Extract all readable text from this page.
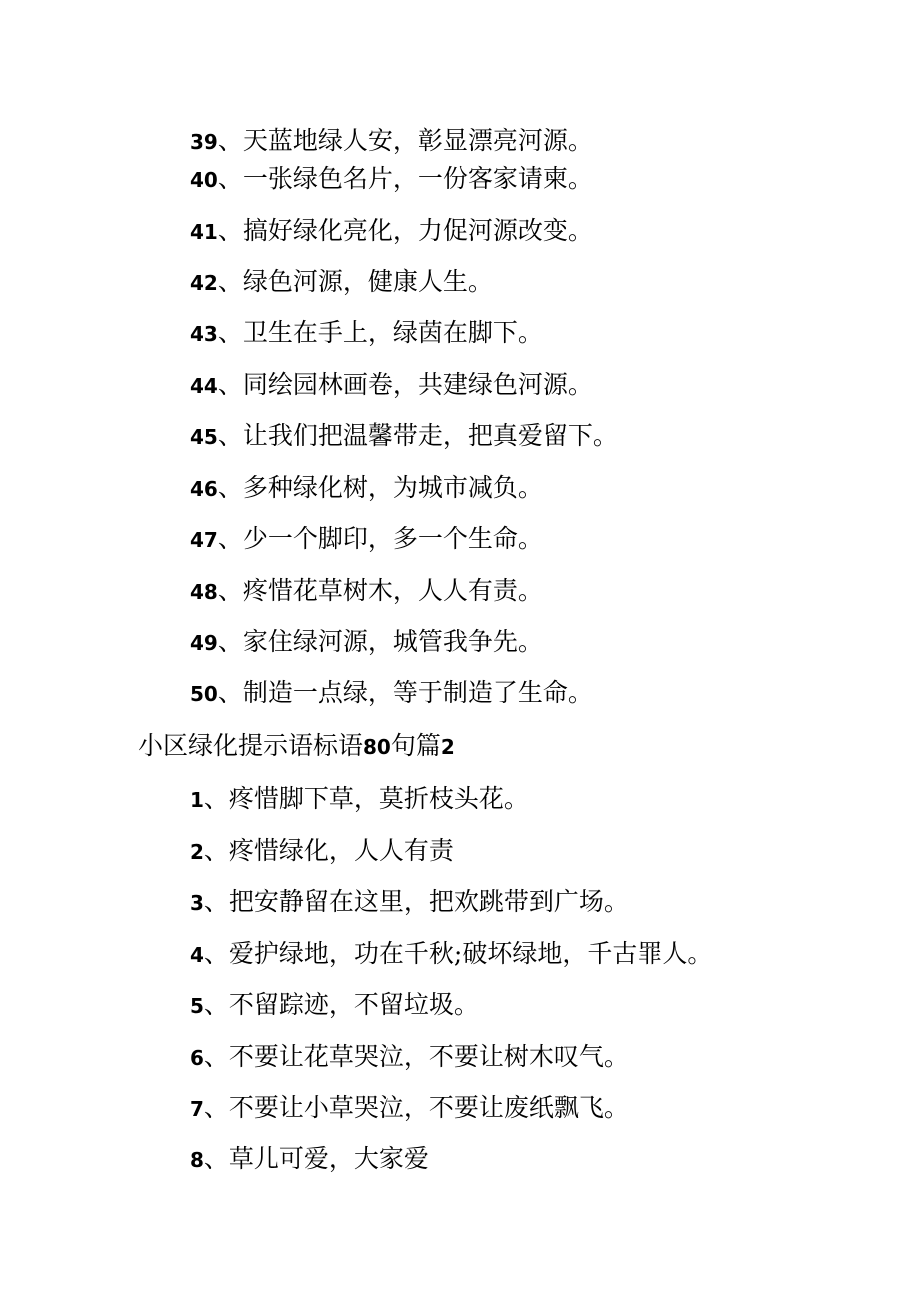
39、天蓝地绿人安，彰显漂亮河源。
40、一张绿色名片，一份客家请柬。
41、搞好绿化亮化，力促河源改变。
42、绿色河源，健康人生。
43、卫生在手上，绿茵在脚下。
44、同绘园林画卷，共建绿色河源。
45、让我们把温馨带走，把真爱留下。
46、多种绿化树，为城市减负。
47、少一个脚印，多一个生命。
48、疼惜花草树木，人人有责。
49、家住绿河源，城管我争先。
50、制造一点绿，等于制造了生命。
小区绿化提示语标语80句篇2
1、疼惜脚下草，莫折枝头花。
2、疼惜绿化，人人有责
3、把安静留在这里，把欢跳带到广场。
4、爱护绿地，功在千秋;破坏绿地，千古罪人。
5、不留踪迹，不留垃圾。
6、不要让花草哭泣，不要让树木叹气。
7、不要让小草哭泣，不要让废纸飘飞。
8、草儿可爱，大家爱
